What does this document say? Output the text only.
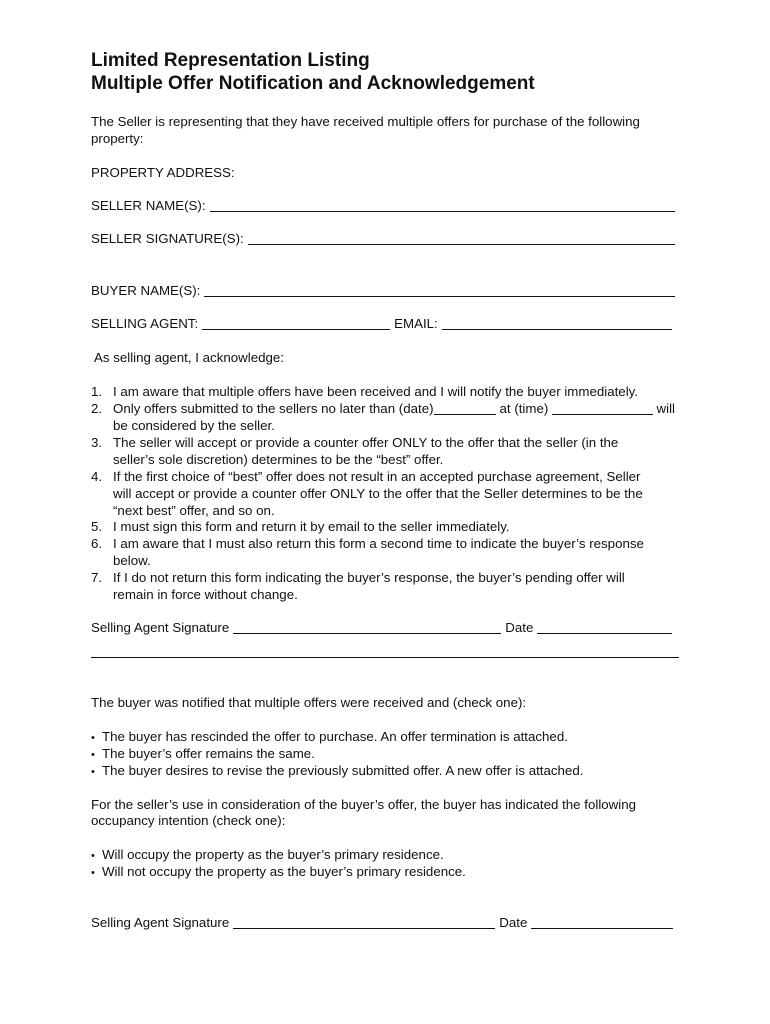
Limited Representation Listing
Multiple Offer Notification and Acknowledgement
The Seller is representing that they have received multiple offers for purchase of the following
property:
PROPERTY ADDRESS:
SELLER NAME(S):
SELLER SIGNATURE(S):
BUYER NAME(S):
SELLING AGENT:	EMAIL:
As selling agent, I acknowledge:
1. I am aware that multiple offers have been received and I will notify the buyer immediately.
2. Only offers submitted to the sellers no later than (date)	at (time)	will
be considered by the seller.
3. The seller will accept or provide a counter offer ONLY to the offer that the seller (in the
seller’s sole discretion) determines to be the “best” offer.
4. If the first choice of “best” offer does not result in an accepted purchase agreement, Seller
will accept or provide a counter offer ONLY to the offer that the Seller determines to be the
“next best” offer, and so on.
5. I must sign this form and return it by email to the seller immediately.
6. I am aware that I must also return this form a second time to indicate the buyer’s response
below.
7. If I do not return this form indicating the buyer’s response, the buyer’s pending offer will
remain in force without change.
Selling Agent Signature	Date
The buyer was notified that multiple offers were received and (check one):
• The buyer has rescinded the offer to purchase. An offer termination is attached.
• The buyer’s offer remains the same.
• The buyer desires to revise the previously submitted offer. A new offer is attached.
For the seller’s use in consideration of the buyer’s offer, the buyer has indicated the following
occupancy intention (check one):
• Will occupy the property as the buyer’s primary residence.
• Will not occupy the property as the buyer’s primary residence.
Selling Agent Signature	Date
